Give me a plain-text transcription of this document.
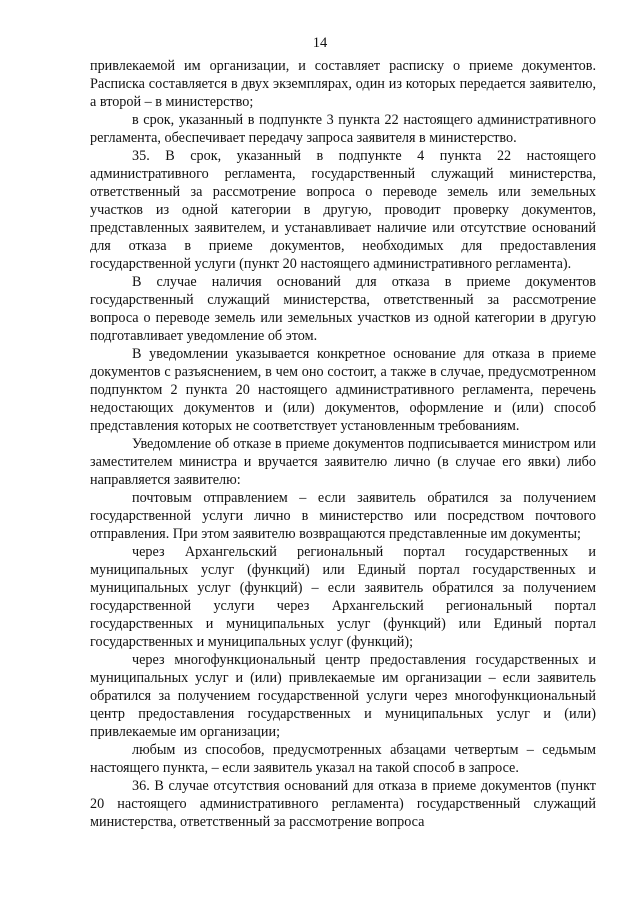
14

привлекаемой им организации, и составляет расписку о приеме документов. Расписка составляется в двух экземплярах, один из которых передается заявителю, а второй – в министерство;

в срок, указанный в подпункте 3 пункта 22 настоящего административного регламента, обеспечивает передачу запроса заявителя в министерство.

35. В срок, указанный в подпункте 4 пункта 22 настоящего административного регламента, государственный служащий министерства, ответственный за рассмотрение вопроса о переводе земель или земельных участков из одной категории в другую, проводит проверку документов, представленных заявителем, и устанавливает наличие или отсутствие оснований для отказа в приеме документов, необходимых для предоставления государственной услуги (пункт 20 настоящего административного регламента).

В случае наличия оснований для отказа в приеме документов государственный служащий министерства, ответственный за рассмотрение вопроса о переводе земель или земельных участков из одной категории в другую подготавливает уведомление об этом.

В уведомлении указывается конкретное основание для отказа в приеме документов с разъяснением, в чем оно состоит, а также в случае, предусмотренном подпунктом 2 пункта 20 настоящего административного регламента, перечень недостающих документов и (или) документов, оформление и (или) способ представления которых не соответствует установленным требованиям.

Уведомление об отказе в приеме документов подписывается министром или заместителем министра и вручается заявителю лично (в случае его явки) либо направляется заявителю:

почтовым отправлением – если заявитель обратился за получением государственной услуги лично в министерство или посредством почтового отправления. При этом заявителю возвращаются представленные им документы;

через Архангельский региональный портал государственных и муниципальных услуг (функций) или Единый портал государственных и муниципальных услуг (функций) – если заявитель обратился за получением государственной услуги через Архангельский региональный портал государственных и муниципальных услуг (функций) или Единый портал государственных и муниципальных услуг (функций);

через многофункциональный центр предоставления государственных и муниципальных услуг и (или) привлекаемые им организации – если заявитель обратился за получением государственной услуги через многофункциональный центр предоставления государственных и муниципальных услуг и (или) привлекаемые им организации;

любым из способов, предусмотренных абзацами четвертым – седьмым настоящего пункта, – если заявитель указал на такой способ в запросе.

36. В случае отсутствия оснований для отказа в приеме документов (пункт 20 настоящего административного регламента) государственный служащий министерства, ответственный за рассмотрение вопроса
